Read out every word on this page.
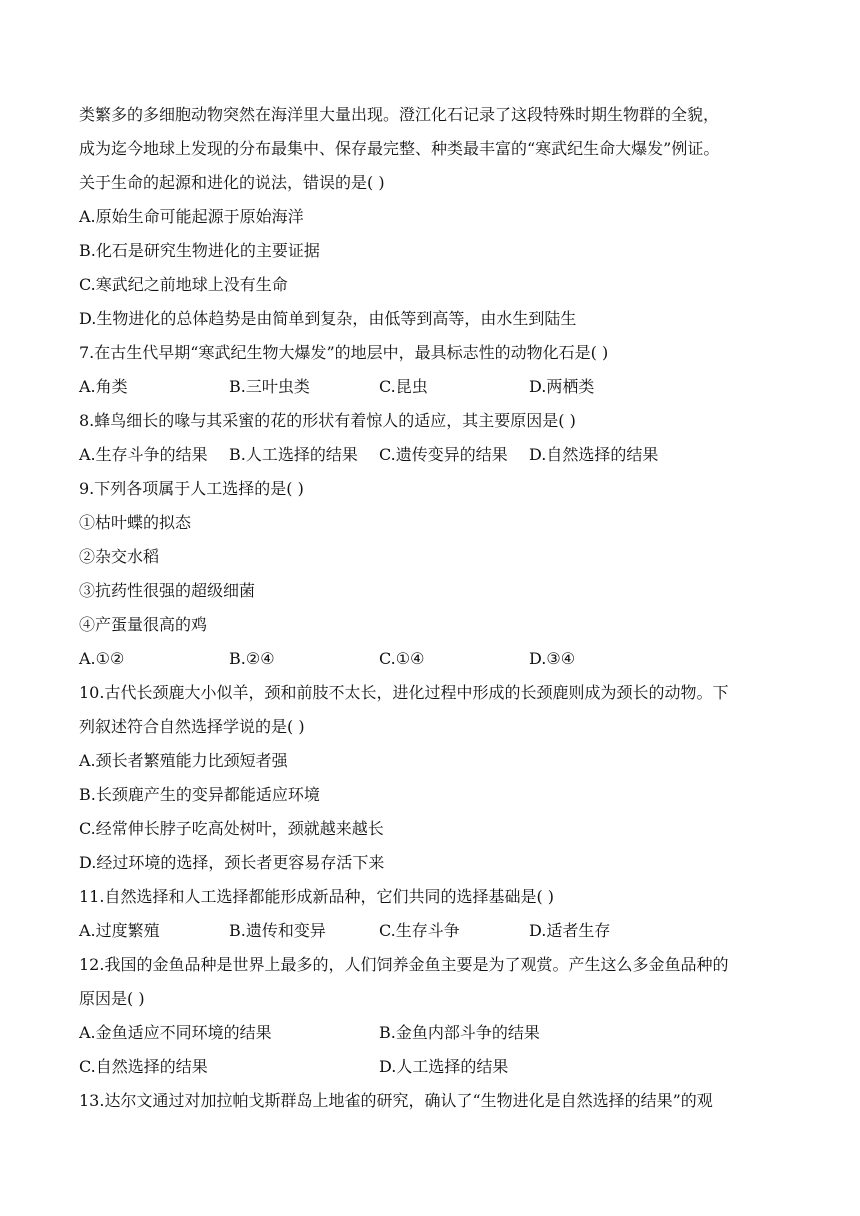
类繁多的多细胞动物突然在海洋里大量出现。澄江化石记录了这段特殊时期生物群的全貌，
成为迄今地球上发现的分布最集中、保存最完整、种类最丰富的“寒武纪生命大爆发”例证。
关于生命的起源和进化的说法，错误的是( )
A.原始生命可能起源于原始海洋
B.化石是研究生物进化的主要证据
C.寒武纪之前地球上没有生命
D.生物进化的总体趋势是由简单到复杂，由低等到高等，由水生到陆生
7.在古生代早期“寒武纪生物大爆发”的地层中，最具标志性的动物化石是( )
A.角类	B.三叶虫类	C.昆虫	D.两栖类
8.蜂鸟细长的喙与其采蜜的花的形状有着惊人的适应，其主要原因是( )
A.生存斗争的结果 B.人工选择的结果 C.遗传变异的结果 D.自然选择的结果
9.下列各项属于人工选择的是( )
①枯叶蝶的拟态
②杂交水稻
③抗药性很强的超级细菌
④产蛋量很高的鸡
A.①②	B.②④	C.①④	D.③④
10.古代长颈鹿大小似羊，颈和前肢不太长，进化过程中形成的长颈鹿则成为颈长的动物。下
列叙述符合自然选择学说的是( )
A.颈长者繁殖能力比颈短者强
B.长颈鹿产生的变异都能适应环境
C.经常伸长脖子吃高处树叶，颈就越来越长
D.经过环境的选择，颈长者更容易存活下来
11.自然选择和人工选择都能形成新品种，它们共同的选择基础是( )
A.过度繁殖	B.遗传和变异	C.生存斗争	D.适者生存
12.我国的金鱼品种是世界上最多的，人们饲养金鱼主要是为了观赏。产生这么多金鱼品种的
原因是( )
A.金鱼适应不同环境的结果	B.金鱼内部斗争的结果
C.自然选择的结果	D.人工选择的结果
13.达尔文通过对加拉帕戈斯群岛上地雀的研究，确认了“生物进化是自然选择的结果”的观
